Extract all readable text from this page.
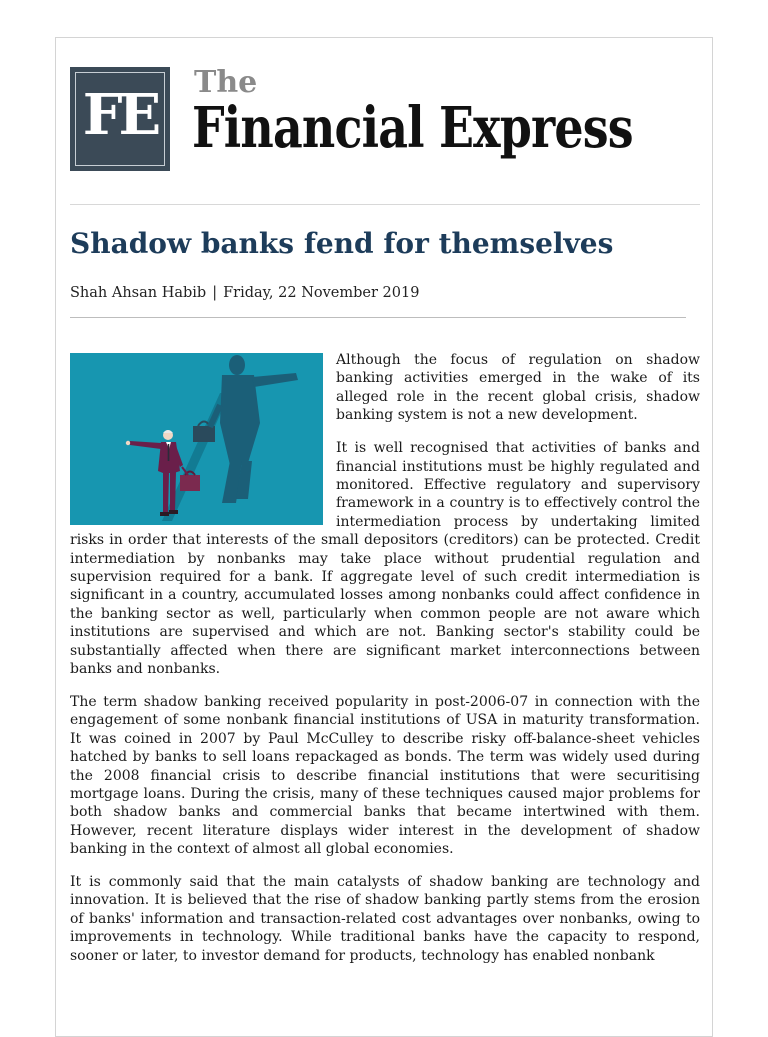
FE	The
Financial Express
Shadow banks fend for themselves
Shah Ahsan Habib | Friday, 22 November 2019

Although the focus of regulation on shadow banking activities emerged in the wake of its alleged role in the recent global crisis, shadow banking system is not a new development.

It is well recognised that activities of banks and financial institutions must be highly regulated and monitored. Effective regulatory and supervisory framework in a country is to effectively control the intermediation process by undertaking limited risks in order that interests of the small depositors (creditors) can be protected. Credit intermediation by nonbanks may take place without prudential regulation and supervision required for a bank. If aggregate level of such credit intermediation is significant in a country, accumulated losses among nonbanks could affect confidence in the banking sector as well, particularly when common people are not aware which institutions are supervised and which are not. Banking sector's stability could be substantially affected when there are significant market interconnections between banks and nonbanks.

The term shadow banking received popularity in post-2006-07 in connection with the engagement of some nonbank financial institutions of USA in maturity transformation. It was coined in 2007 by Paul McCulley to describe risky off-balance-sheet vehicles hatched by banks to sell loans repackaged as bonds. The term was widely used during the 2008 financial crisis to describe financial institutions that were securitising mortgage loans. During the crisis, many of these techniques caused major problems for both shadow banks and commercial banks that became intertwined with them. However, recent literature displays wider interest in the development of shadow banking in the context of almost all global economies.

It is commonly said that the main catalysts of shadow banking are technology and innovation. It is believed that the rise of shadow banking partly stems from the erosion of banks' information and transaction-related cost advantages over nonbanks, owing to improvements in technology. While traditional banks have the capacity to respond, sooner or later, to investor demand for products, technology has enabled nonbank
